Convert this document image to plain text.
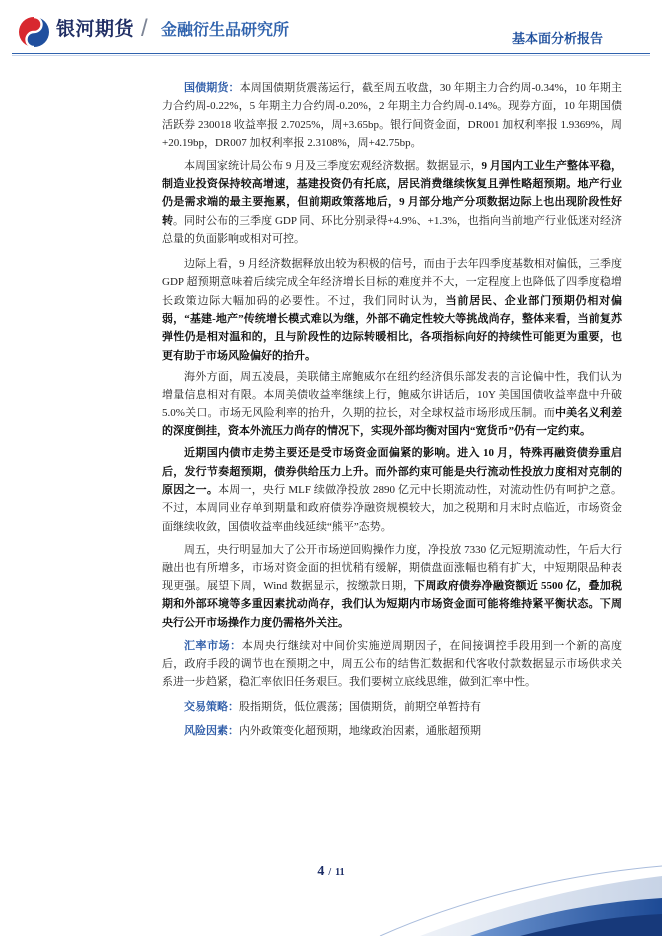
银河期货 / 金融衍生品研究所	基本面分析报告

国债期货：本周国债期货震荡运行，截至周五收盘，30 年期主力合约周-0.34%，10 年期主力合约周-0.22%，5 年期主力合约周-0.20%，2 年期主力合约周-0.14%。现券方面，10 年期国债活跃券 230018 收益率报 2.7025%，周+3.65bp。银行间资金面，DR001 加权利率报 1.9369%，周+20.19bp，DR007 加权利率报 2.3108%，周+42.75bp。

本周国家统计局公布 9 月及三季度宏观经济数据。数据显示，9 月国内工业生产整体平稳，制造业投资保持较高增速，基建投资仍有托底，居民消费继续恢复且弹性略超预期。地产行业仍是需求端的最主要拖累，但前期政策落地后，9 月部分地产分项数据边际上也出现阶段性好转。同时公布的三季度 GDP 同、环比分别录得+4.9%、+1.3%，也指向当前地产行业低迷对经济总量的负面影响或相对可控。

边际上看，9 月经济数据释放出较为积极的信号，而由于去年四季度基数相对偏低，三季度 GDP 超预期意味着后续完成全年经济增长目标的难度并不大，一定程度上也降低了四季度稳增长政策边际大幅加码的必要性。不过，我们同时认为，当前居民、企业部门预期仍相对偏弱，“基建-地产”传统增长模式难以为继，外部不确定性较大等挑战尚存，整体来看，当前复苏弹性仍是相对温和的，且与阶段性的边际转暖相比，各项指标向好的持续性可能更为重要，也更有助于市场风险偏好的抬升。

海外方面，周五凌晨，美联储主席鲍威尔在纽约经济俱乐部发表的言论偏中性，我们认为增量信息相对有限。本周美债收益率继续上行，鲍威尔讲话后，10Y 美国国债收益率盘中升破 5.0%关口。市场无风险利率的抬升，久期的拉长，对全球权益市场形成压制。而中美名义利差的深度倒挂，资本外流压力尚存的情况下，实现外部均衡对国内“宽货币”仍有一定约束。

近期国内债市走势主要还是受市场资金面偏紧的影响。进入 10 月，特殊再融资债券重启后，发行节奏超预期，债券供给压力上升。而外部约束可能是央行流动性投放力度相对克制的原因之一。本周一，央行 MLF 续做净投放 2890 亿元中长期流动性，对流动性仍有呵护之意。不过，本周同业存单到期量和政府债券净融资规模较大，加之税期和月末时点临近，市场资金面继续收敛，国债收益率曲线延续“熊平”态势。

周五，央行明显加大了公开市场逆回购操作力度，净投放 7330 亿元短期流动性，午后大行融出也有所增多，市场对资金面的担忧稍有缓解，期债盘面涨幅也稍有扩大，中短期限品种表现更强。展望下周，Wind 数据显示，按缴款日期，下周政府债券净融资额近 5500 亿，叠加税期和外部环境等多重因素扰动尚存，我们认为短期内市场资金面可能将维持紧平衡状态。下周央行公开市场操作力度仍需格外关注。

汇率市场：本周央行继续对中间价实施逆周期因子，在间接调控手段用到一个新的高度后，政府手段的调节也在预期之中，周五公布的结售汇数据和代客收付款数据显示市场供求关系进一步趋紧，稳汇率依旧任务艰巨。我们要树立底线思维，做到汇率中性。

交易策略：股指期货，低位震荡；国债期货，前期空单暂持有

风险因素：内外政策变化超预期，地缘政治因素，通胀超预期

4 / 11
